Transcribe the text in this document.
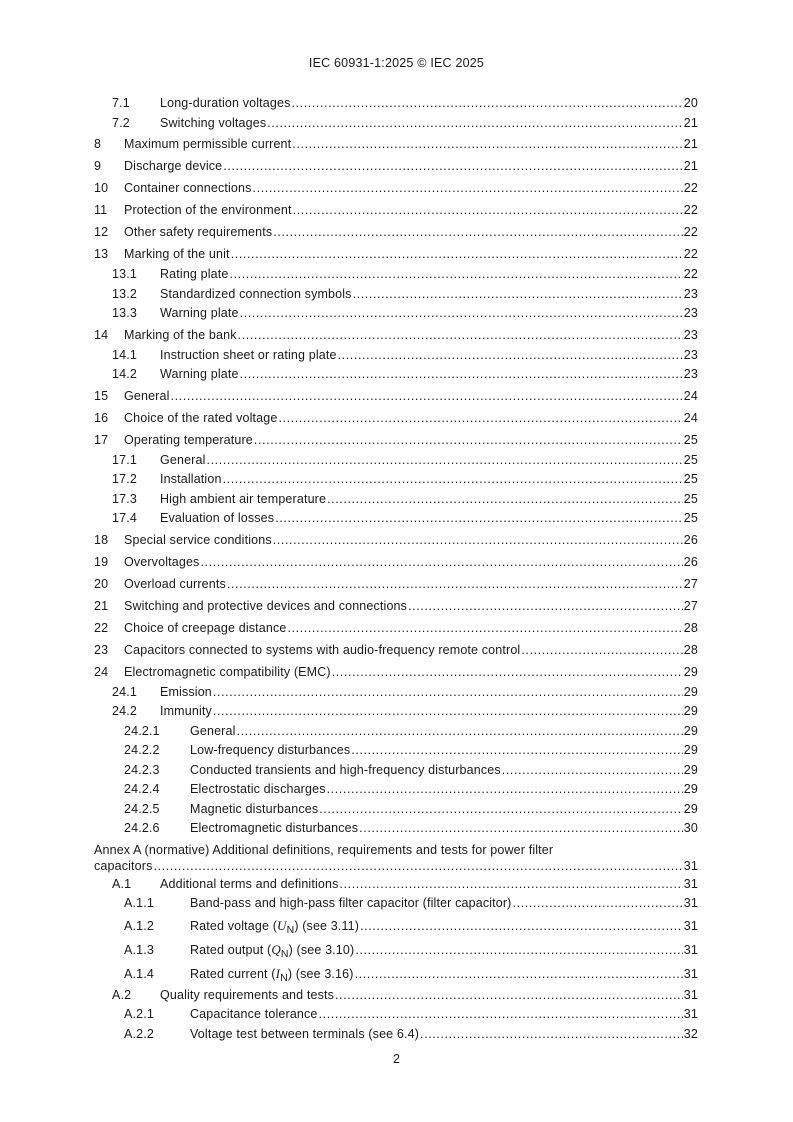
IEC 60931-1:2025 © IEC 2025
7.1	Long-duration voltages .....	20
7.2	Switching voltages .....	21
8	Maximum permissible current .....	21
9	Discharge device .....	21
10	Container connections .....	22
11	Protection of the environment .....	22
12	Other safety requirements .....	22
13	Marking of the unit .....	22
13.1	Rating plate .....	22
13.2	Standardized connection symbols .....	23
13.3	Warning plate .....	23
14	Marking of the bank .....	23
14.1	Instruction sheet or rating plate .....	23
14.2	Warning plate .....	23
15	General .....	24
16	Choice of the rated voltage .....	24
17	Operating temperature .....	25
17.1	General .....	25
17.2	Installation .....	25
17.3	High ambient air temperature .....	25
17.4	Evaluation of losses .....	25
18	Special service conditions .....	26
19	Overvoltages .....	26
20	Overload currents .....	27
21	Switching and protective devices and connections .....	27
22	Choice of creepage distance .....	28
23	Capacitors connected to systems with audio-frequency remote control .....	28
24	Electromagnetic compatibility (EMC) .....	29
24.1	Emission .....	29
24.2	Immunity .....	29
24.2.1	General .....	29
24.2.2	Low-frequency disturbances .....	29
24.2.3	Conducted transients and high-frequency disturbances .....	29
24.2.4	Electrostatic discharges .....	29
24.2.5	Magnetic disturbances .....	29
24.2.6	Electromagnetic disturbances .....	30
Annex A (normative) Additional definitions, requirements and tests for power filter
capacitors .....	31
A.1	Additional terms and definitions .....	31
A.1.1	Band-pass and high-pass filter capacitor (filter capacitor) .....	31
A.1.2	Rated voltage $(U_N)$ (see 3.11) .....	31
A.1.3	Rated output $(Q_N)$ (see 3.10) .....	31
A.1.4	Rated current $(I_N)$ (see 3.16) .....	31
A.2	Quality requirements and tests .....	31
A.2.1	Capacitance tolerance .....	31
A.2.2	Voltage test between terminals (see 6.4) .....	32
2
